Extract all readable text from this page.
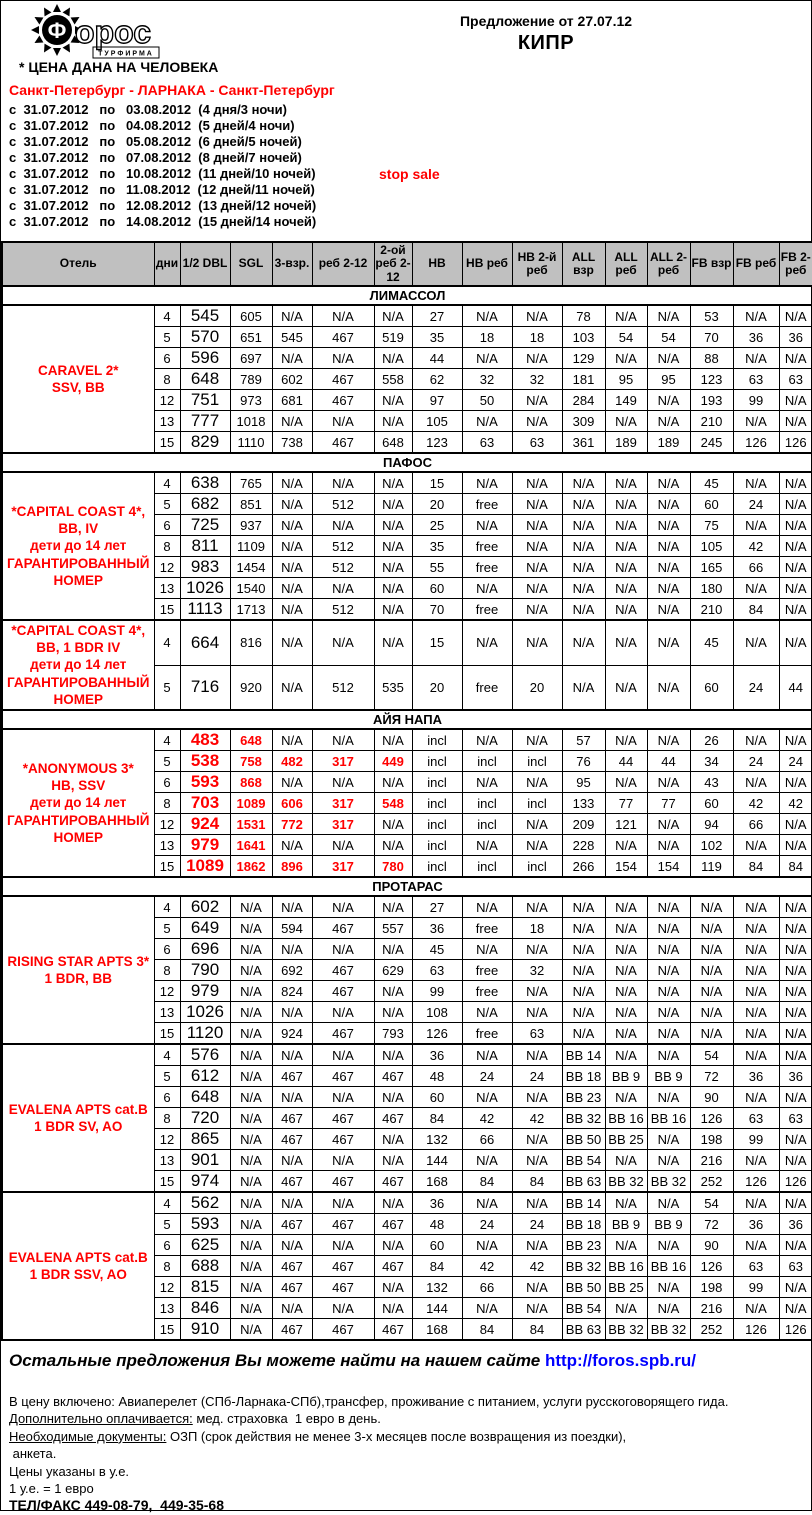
Ф орос
ТУРФИРМА
Предложение от 27.07.12
КИПР
* ЦЕНА ДАНА НА ЧЕЛОВЕКА
Санкт-Петербург - ЛАРНАКА - Санкт-Петербург
с  31.07.2012   по   03.08.2012  (4 дня/3 ночи)
с  31.07.2012   по   04.08.2012  (5 дней/4 ночи)
с  31.07.2012   по   05.08.2012  (6 дней/5 ночей)
с  31.07.2012   по   07.08.2012  (8 дней/7 ночей)
с  31.07.2012   по   10.08.2012  (11 дней/10 ночей)	stop sale
с  31.07.2012   по   11.08.2012  (12 дней/11 ночей)
с  31.07.2012   по   12.08.2012  (13 дней/12 ночей)
с  31.07.2012   по   14.08.2012  (15 дней/14 ночей)
Отель	дни	1/2 DBL	SGL	3-взр.	реб 2-12	2-ой реб 2-12	HB	HB реб	HB 2-й реб	ALL взр	ALL реб	ALL 2-реб	FB взр	FB реб	FB 2-реб
ЛИМАССОЛ															

CARAVEL 2*
SSV, BB	4	545	605	N/A	N/A	N/A	27	N/A	N/A	78	N/A	N/A	53	N/A	N/A
	5	570	651	545	467	519	35	18	18	103	54	54	70	36	36
	6	596	697	N/A	N/A	N/A	44	N/A	N/A	129	N/A	N/A	88	N/A	N/A
	8	648	789	602	467	558	62	32	32	181	95	95	123	63	63
	12	751	973	681	467	N/A	97	50	N/A	284	149	N/A	193	99	N/A
	13	777	1018	N/A	N/A	N/A	105	N/A	N/A	309	N/A	N/A	210	N/A	N/A
	15	829	1110	738	467	648	123	63	63	361	189	189	245	126	126
ПАФОС															

*CAPITAL COAST 4*,
BB, IV
дети до 14 лет
ГАРАНТИРОВАННЫЙ
НОМЕР	4	638	765	N/A	N/A	N/A	15	N/A	N/A	N/A	N/A	N/A	45	N/A	N/A
	5	682	851	N/A	512	N/A	20	free	N/A	N/A	N/A	N/A	60	24	N/A
	6	725	937	N/A	N/A	N/A	25	N/A	N/A	N/A	N/A	N/A	75	N/A	N/A
	8	811	1109	N/A	512	N/A	35	free	N/A	N/A	N/A	N/A	105	42	N/A
	12	983	1454	N/A	512	N/A	55	free	N/A	N/A	N/A	N/A	165	66	N/A
	13	1026	1540	N/A	N/A	N/A	60	N/A	N/A	N/A	N/A	N/A	180	N/A	N/A
	15	1113	1713	N/A	512	N/A	70	free	N/A	N/A	N/A	N/A	210	84	N/A

*CAPITAL COAST 4*,
BB, 1 BDR IV
дети до 14 лет
ГАРАНТИРОВАННЫЙ
НОМЕР	4	664	816	N/A	N/A	N/A	15	N/A	N/A	N/A	N/A	N/A	45	N/A	N/A
	5	716	920	N/A	512	535	20	free	20	N/A	N/A	N/A	60	24	44
АЙЯ НАПА															

*ANONYMOUS 3*
HB, SSV
дети до 14 лет
ГАРАНТИРОВАННЫЙ
НОМЕР	4	483	648	N/A	N/A	N/A	incl	N/A	N/A	57	N/A	N/A	26	N/A	N/A
	5	538	758	482	317	449	incl	incl	incl	76	44	44	34	24	24
	6	593	868	N/A	N/A	N/A	incl	N/A	N/A	95	N/A	N/A	43	N/A	N/A
	8	703	1089	606	317	548	incl	incl	incl	133	77	77	60	42	42
	12	924	1531	772	317	N/A	incl	incl	N/A	209	121	N/A	94	66	N/A
	13	979	1641	N/A	N/A	N/A	incl	N/A	N/A	228	N/A	N/A	102	N/A	N/A
	15	1089	1862	896	317	780	incl	incl	incl	266	154	154	119	84	84
ПРОТАРАС															

RISING STAR APTS 3*
1 BDR, BB	4	602	N/A	N/A	N/A	N/A	27	N/A	N/A	N/A	N/A	N/A	N/A	N/A	N/A
	5	649	N/A	594	467	557	36	free	18	N/A	N/A	N/A	N/A	N/A	N/A
	6	696	N/A	N/A	N/A	N/A	45	N/A	N/A	N/A	N/A	N/A	N/A	N/A	N/A
	8	790	N/A	692	467	629	63	free	32	N/A	N/A	N/A	N/A	N/A	N/A
	12	979	N/A	824	467	N/A	99	free	N/A	N/A	N/A	N/A	N/A	N/A	N/A
	13	1026	N/A	N/A	N/A	N/A	108	N/A	N/A	N/A	N/A	N/A	N/A	N/A	N/A
	15	1120	N/A	924	467	793	126	free	63	N/A	N/A	N/A	N/A	N/A	N/A

EVALENA APTS cat.B
1 BDR SV, AO	4	576	N/A	N/A	N/A	N/A	36	N/A	N/A	BB 14	N/A	N/A	54	N/A	N/A
	5	612	N/A	467	467	467	48	24	24	BB 18	BB 9	BB 9	72	36	36
	6	648	N/A	N/A	N/A	N/A	60	N/A	N/A	BB 23	N/A	N/A	90	N/A	N/A
	8	720	N/A	467	467	467	84	42	42	BB 32	BB 16	BB 16	126	63	63
	12	865	N/A	467	467	N/A	132	66	N/A	BB 50	BB 25	N/A	198	99	N/A
	13	901	N/A	N/A	N/A	N/A	144	N/A	N/A	BB 54	N/A	N/A	216	N/A	N/A
	15	974	N/A	467	467	467	168	84	84	BB 63	BB 32	BB 32	252	126	126

EVALENA APTS cat.B
1 BDR SSV, AO	4	562	N/A	N/A	N/A	N/A	36	N/A	N/A	BB 14	N/A	N/A	54	N/A	N/A
	5	593	N/A	467	467	467	48	24	24	BB 18	BB 9	BB 9	72	36	36
	6	625	N/A	N/A	N/A	N/A	60	N/A	N/A	BB 23	N/A	N/A	90	N/A	N/A
	8	688	N/A	467	467	467	84	42	42	BB 32	BB 16	BB 16	126	63	63
	12	815	N/A	467	467	N/A	132	66	N/A	BB 50	BB 25	N/A	198	99	N/A
	13	846	N/A	N/A	N/A	N/A	144	N/A	N/A	BB 54	N/A	N/A	216	N/A	N/A
	15	910	N/A	467	467	467	168	84	84	BB 63	BB 32	BB 32	252	126	126
Остальные предложения Вы можете найти на нашем сайте http://foros.spb.ru/
В цену включено: Авиаперелет (СПб-Ларнака-СПб),трансфер, проживание с питанием, услуги русскоговорящего гида.
Дополнительно оплачивается: мед. страховка  1 евро в день.
Необходимые документы: ОЗП (срок действия не менее 3-х месяцев после возвращения из поездки),
анкета.
Цены указаны в у.е.
1 у.е. = 1 евро
ТЕЛ/ФАКС 449-08-79,  449-35-68
